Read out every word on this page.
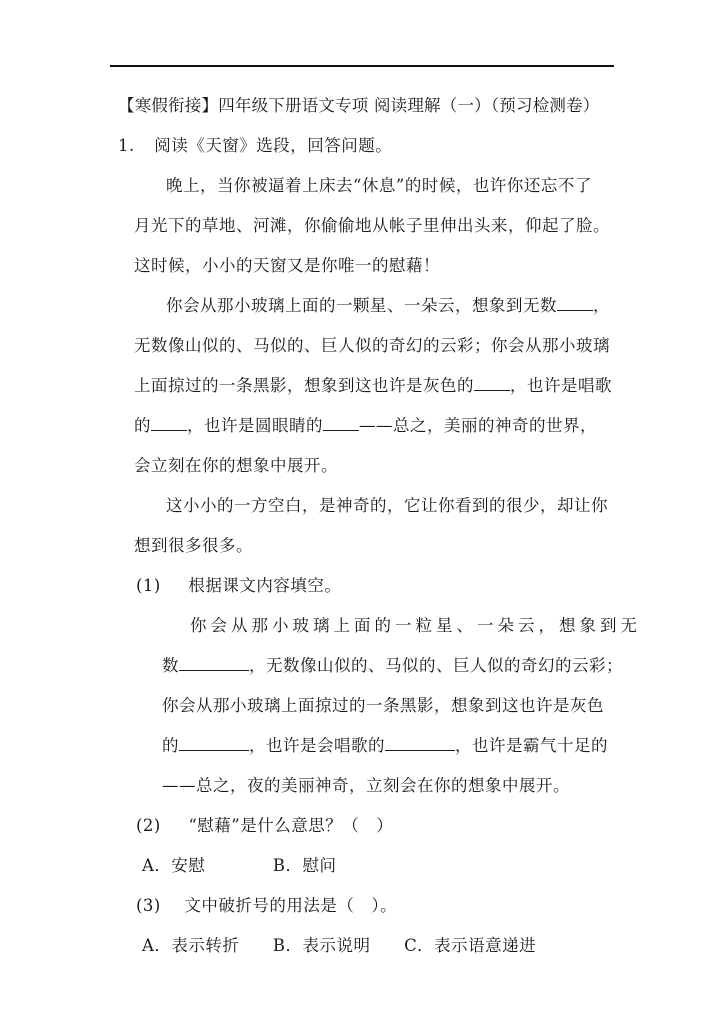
【寒假衔接】四年级下册语文专项 阅读理解（一）（预习检测卷）
1. 阅读《天窗》选段，回答问题。
晚上，当你被逼着上床去“休息”的时候，也许你还忘不了
月光下的草地、河滩，你偷偷地从帐子里伸出头来，仰起了脸。
这时候，小小的天窗又是你唯一的慰藉！
你会从那小玻璃上面的一颗星、一朵云，想象到无数 ，
无数像山似的、马似的、巨人似的奇幻的云彩；你会从那小玻璃
上面掠过的一条黑影，想象到这也许是灰色的 ，也许是唱歌
的 ，也许是圆眼睛的 ——总之，美丽的神奇的世界，
会立刻在你的想象中展开。
这小小的一方空白，是神奇的，它让你看到的很少，却让你
想到很多很多。
(1) 根据课文内容填空。
你会从那小玻璃上面的一粒星、一朵云，想象到无
数	，无数像山似的、马似的、巨人似的奇幻的云彩；
你会从那小玻璃上面掠过的一条黑影，想象到这也许是灰色
的	，也许是会唱歌的	，也许是霸气十足的
——总之，夜的美丽神奇，立刻会在你的想象中展开。
(2) “慰藉”是什么意思？（　）
A．安慰	B．慰问
(3) 文中破折号的用法是（　）。
A．表示转折 B．表示说明 C．表示语意递进
